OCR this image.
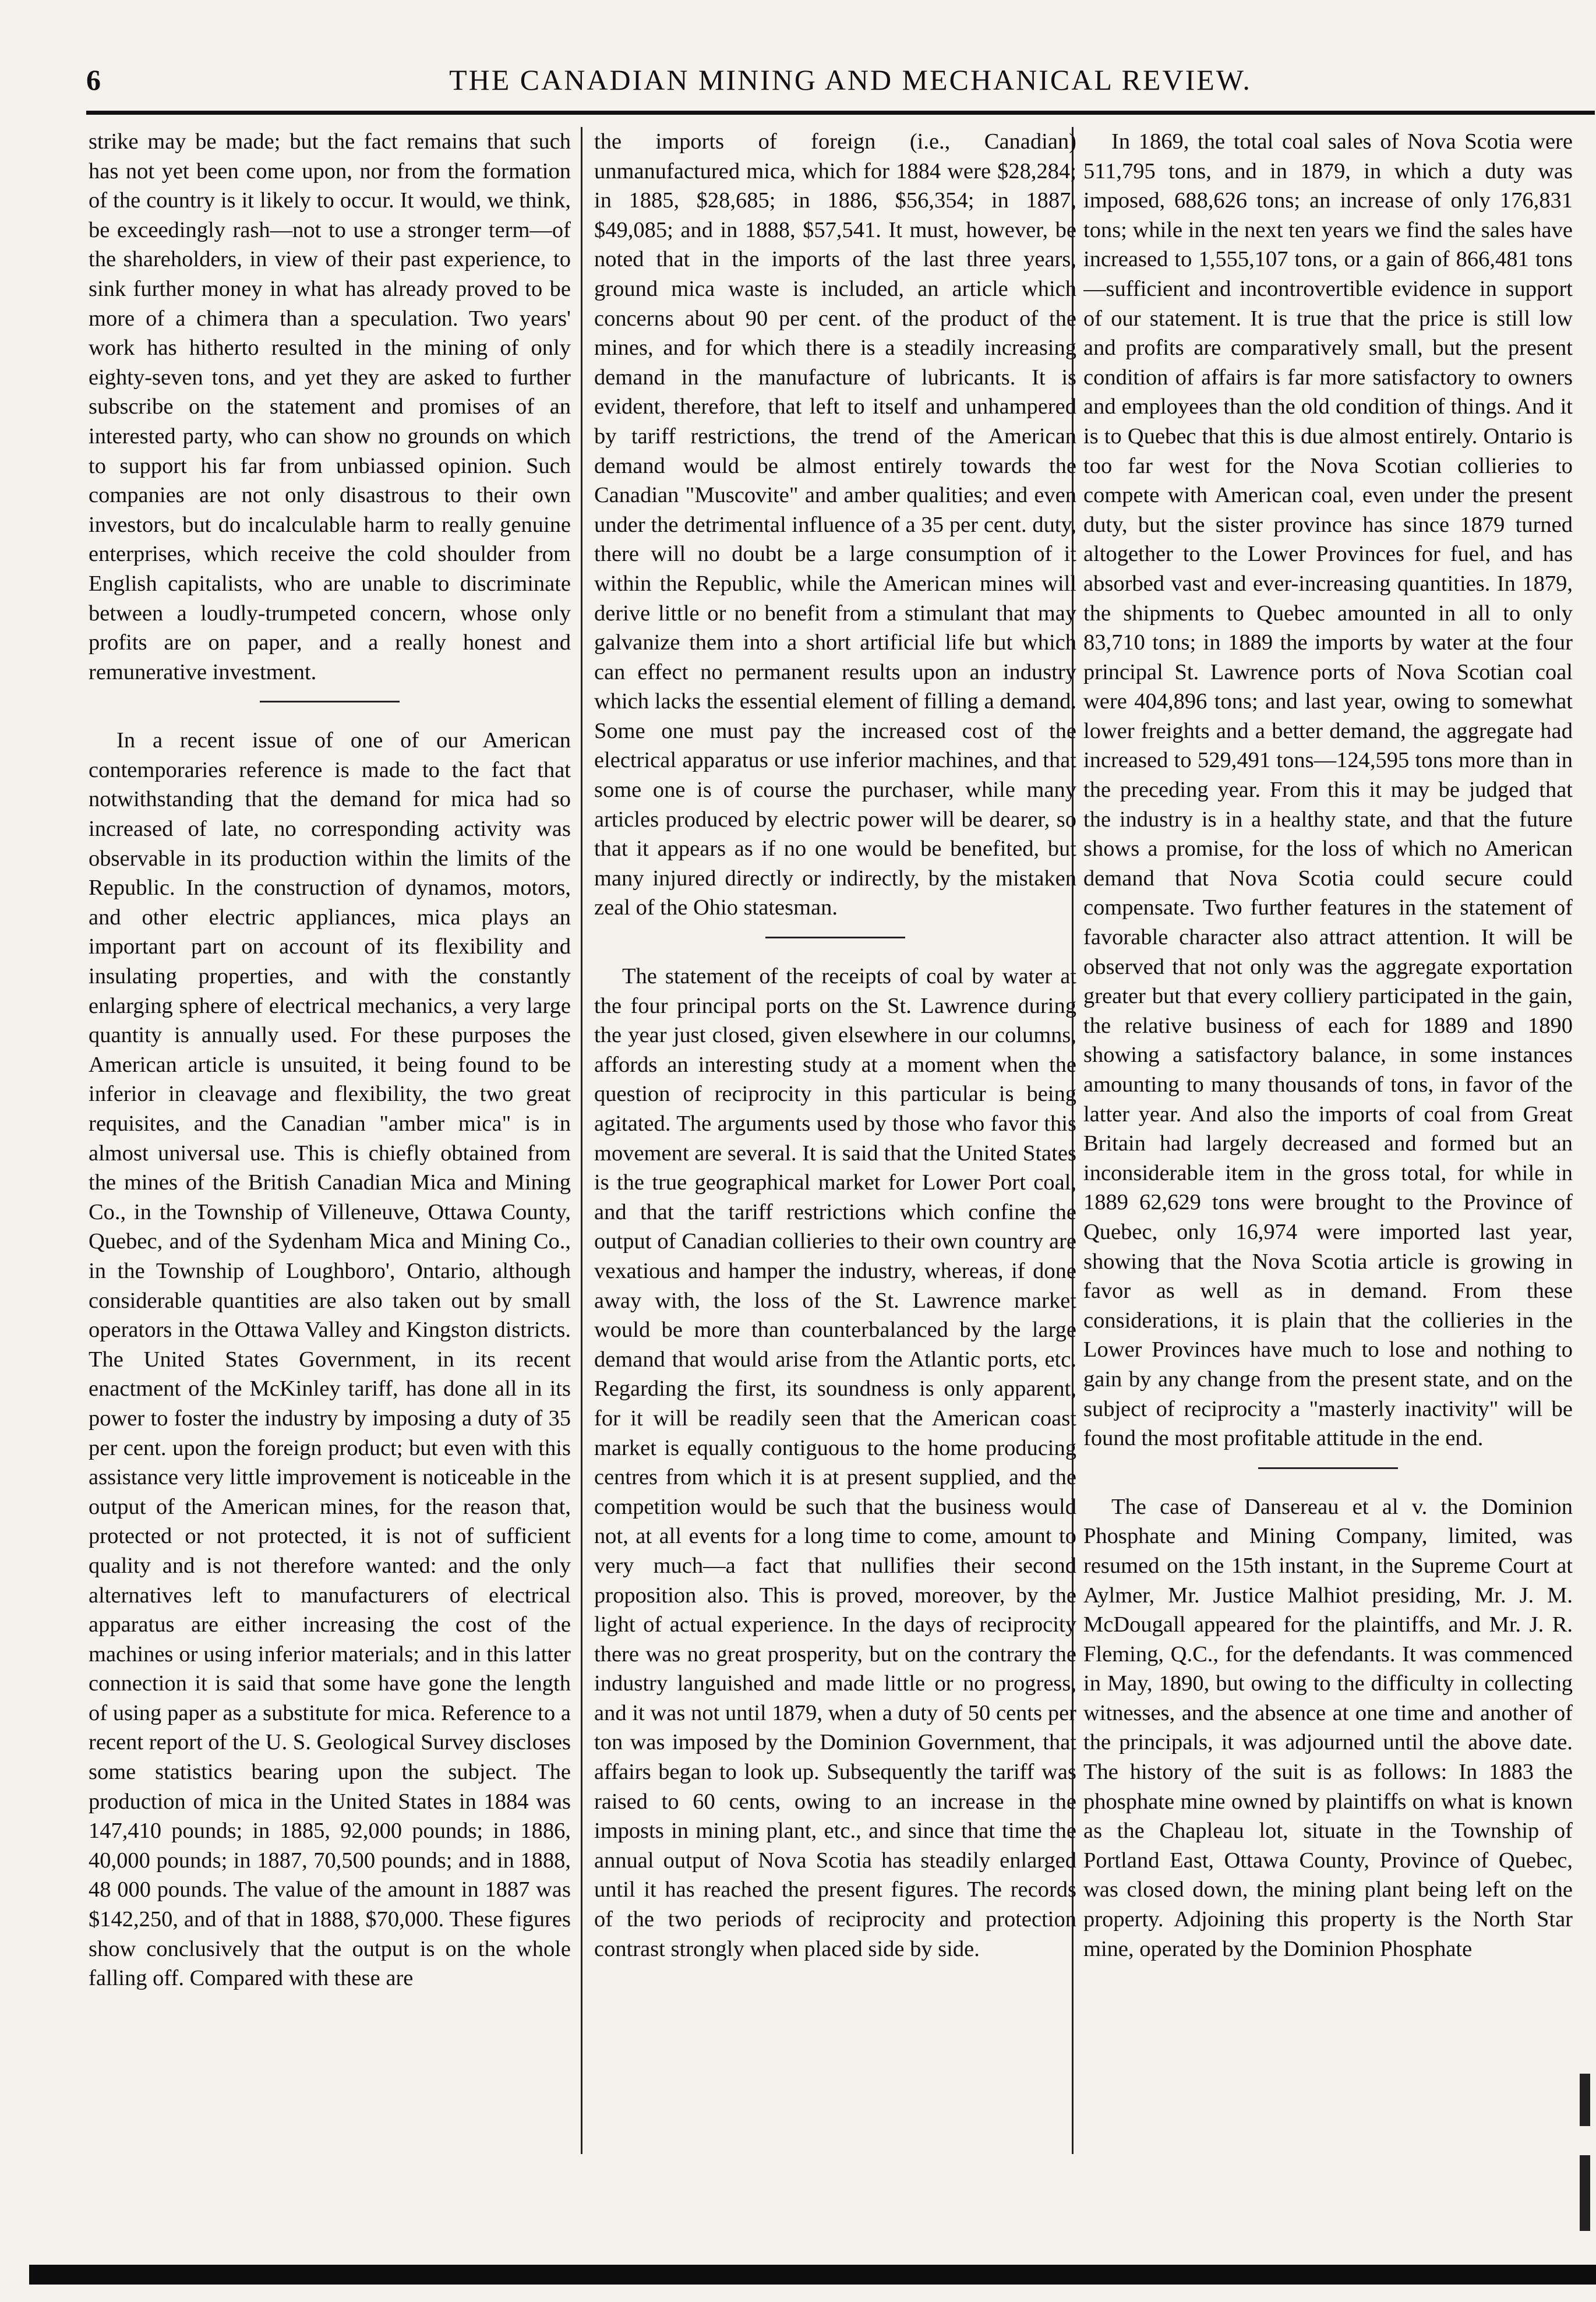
6	THE CANADIAN MINING AND MECHANICAL REVIEW.

strike may be made; but the fact remains that such has not yet been come upon, nor from the formation of the country is it likely to occur. It would, we think, be exceedingly rash—not to use a stronger term—of the shareholders, in view of their past experience, to sink further money in what has already proved to be more of a chimera than a speculation. Two years' work has hitherto resulted in the mining of only eighty-seven tons, and yet they are asked to further subscribe on the statement and promises of an interested party, who can show no grounds on which to support his far from unbiassed opinion. Such companies are not only disastrous to their own investors, but do incalculable harm to really genuine enterprises, which receive the cold shoulder from English capitalists, who are unable to discriminate between a loudly-trumpeted concern, whose only profits are on paper, and a really honest and remunerative investment.

In a recent issue of one of our American contemporaries reference is made to the fact that notwithstanding that the demand for mica had so increased of late, no corresponding activity was observable in its production within the limits of the Republic. In the construction of dynamos, motors, and other electric appliances, mica plays an important part on account of its flexibility and insulating properties, and with the constantly enlarging sphere of electrical mechanics, a very large quantity is annually used. For these purposes the American article is unsuited, it being found to be inferior in cleavage and flexibility, the two great requisites, and the Canadian "amber mica" is in almost universal use. This is chiefly obtained from the mines of the British Canadian Mica and Mining Co., in the Township of Villeneuve, Ottawa County, Quebec, and of the Sydenham Mica and Mining Co., in the Township of Loughboro', Ontario, although considerable quantities are also taken out by small operators in the Ottawa Valley and Kingston districts. The United States Government, in its recent enactment of the McKinley tariff, has done all in its power to foster the industry by imposing a duty of 35 per cent. upon the foreign product; but even with this assistance very little improvement is noticeable in the output of the American mines, for the reason that, protected or not protected, it is not of sufficient quality and is not therefore wanted: and the only alternatives left to manufacturers of electrical apparatus are either increasing the cost of the machines or using inferior materials; and in this latter connection it is said that some have gone the length of using paper as a substitute for mica. Reference to a recent report of the U. S. Geological Survey discloses some statistics bearing upon the subject. The production of mica in the United States in 1884 was 147,410 pounds; in 1885, 92,000 pounds; in 1886, 40,000 pounds; in 1887, 70,500 pounds; and in 1888, 48 000 pounds. The value of the amount in 1887 was $142,250, and of that in 1888, $70,000. These figures show conclusively that the output is on the whole falling off. Compared with these are

the imports of foreign (i.e., Canadian) unmanufactured mica, which for 1884 were $28,284; in 1885, $28,685; in 1886, $56,354; in 1887, $49,085; and in 1888, $57,541. It must, however, be noted that in the imports of the last three years, ground mica waste is included, an article which concerns about 90 per cent. of the product of the mines, and for which there is a steadily increasing demand in the manufacture of lubricants. It is evident, therefore, that left to itself and unhampered by tariff restrictions, the trend of the American demand would be almost entirely towards the Canadian "Muscovite" and amber qualities; and even under the detrimental influence of a 35 per cent. duty, there will no doubt be a large consumption of it within the Republic, while the American mines will derive little or no benefit from a stimulant that may galvanize them into a short artificial life but which can effect no permanent results upon an industry which lacks the essential element of filling a demand. Some one must pay the increased cost of the electrical apparatus or use inferior machines, and that some one is of course the purchaser, while many articles produced by electric power will be dearer, so that it appears as if no one would be benefited, but many injured directly or indirectly, by the mistaken zeal of the Ohio statesman.

The statement of the receipts of coal by water at the four principal ports on the St. Lawrence during the year just closed, given elsewhere in our columns, affords an interesting study at a moment when the question of reciprocity in this particular is being agitated. The arguments used by those who favor this movement are several. It is said that the United States is the true geographical market for Lower Port coal, and that the tariff restrictions which confine the output of Canadian collieries to their own country are vexatious and hamper the industry, whereas, if done away with, the loss of the St. Lawrence market would be more than counterbalanced by the large demand that would arise from the Atlantic ports, etc. Regarding the first, its soundness is only apparent, for it will be readily seen that the American coast market is equally contiguous to the home producing centres from which it is at present supplied, and the competition would be such that the business would not, at all events for a long time to come, amount to very much—a fact that nullifies their second proposition also. This is proved, moreover, by the light of actual experience. In the days of reciprocity there was no great prosperity, but on the contrary the industry languished and made little or no progress, and it was not until 1879, when a duty of 50 cents per ton was imposed by the Dominion Government, that affairs began to look up. Subsequently the tariff was raised to 60 cents, owing to an increase in the imposts in mining plant, etc., and since that time the annual output of Nova Scotia has steadily enlarged until it has reached the present figures. The records of the two periods of reciprocity and protection contrast strongly when placed side by side.

In 1869, the total coal sales of Nova Scotia were 511,795 tons, and in 1879, in which a duty was imposed, 688,626 tons; an increase of only 176,831 tons; while in the next ten years we find the sales have increased to 1,555,107 tons, or a gain of 866,481 tons—sufficient and incontrovertible evidence in support of our statement. It is true that the price is still low and profits are comparatively small, but the present condition of affairs is far more satisfactory to owners and employees than the old condition of things. And it is to Quebec that this is due almost entirely. Ontario is too far west for the Nova Scotian collieries to compete with American coal, even under the present duty, but the sister province has since 1879 turned altogether to the Lower Provinces for fuel, and has absorbed vast and ever-increasing quantities. In 1879, the shipments to Quebec amounted in all to only 83,710 tons; in 1889 the imports by water at the four principal St. Lawrence ports of Nova Scotian coal were 404,896 tons; and last year, owing to somewhat lower freights and a better demand, the aggregate had increased to 529,491 tons—124,595 tons more than in the preceding year. From this it may be judged that the industry is in a healthy state, and that the future shows a promise, for the loss of which no American demand that Nova Scotia could secure could compensate. Two further features in the statement of favorable character also attract attention. It will be observed that not only was the aggregate exportation greater but that every colliery participated in the gain, the relative business of each for 1889 and 1890 showing a satisfactory balance, in some instances amounting to many thousands of tons, in favor of the latter year. And also the imports of coal from Great Britain had largely decreased and formed but an inconsiderable item in the gross total, for while in 1889 62,629 tons were brought to the Province of Quebec, only 16,974 were imported last year, showing that the Nova Scotia article is growing in favor as well as in demand. From these considerations, it is plain that the collieries in the Lower Provinces have much to lose and nothing to gain by any change from the present state, and on the subject of reciprocity a "masterly inactivity" will be found the most profitable attitude in the end.

The case of Dansereau et al v. the Dominion Phosphate and Mining Company, limited, was resumed on the 15th instant, in the Supreme Court at Aylmer, Mr. Justice Malhiot presiding, Mr. J. M. McDougall appeared for the plaintiffs, and Mr. J. R. Fleming, Q.C., for the defendants. It was commenced in May, 1890, but owing to the difficulty in collecting witnesses, and the absence at one time and another of the principals, it was adjourned until the above date. The history of the suit is as follows: In 1883 the phosphate mine owned by plaintiffs on what is known as the Chapleau lot, situate in the Township of Portland East, Ottawa County, Province of Quebec, was closed down, the mining plant being left on the property. Adjoining this property is the North Star mine, operated by the Dominion Phosphate
